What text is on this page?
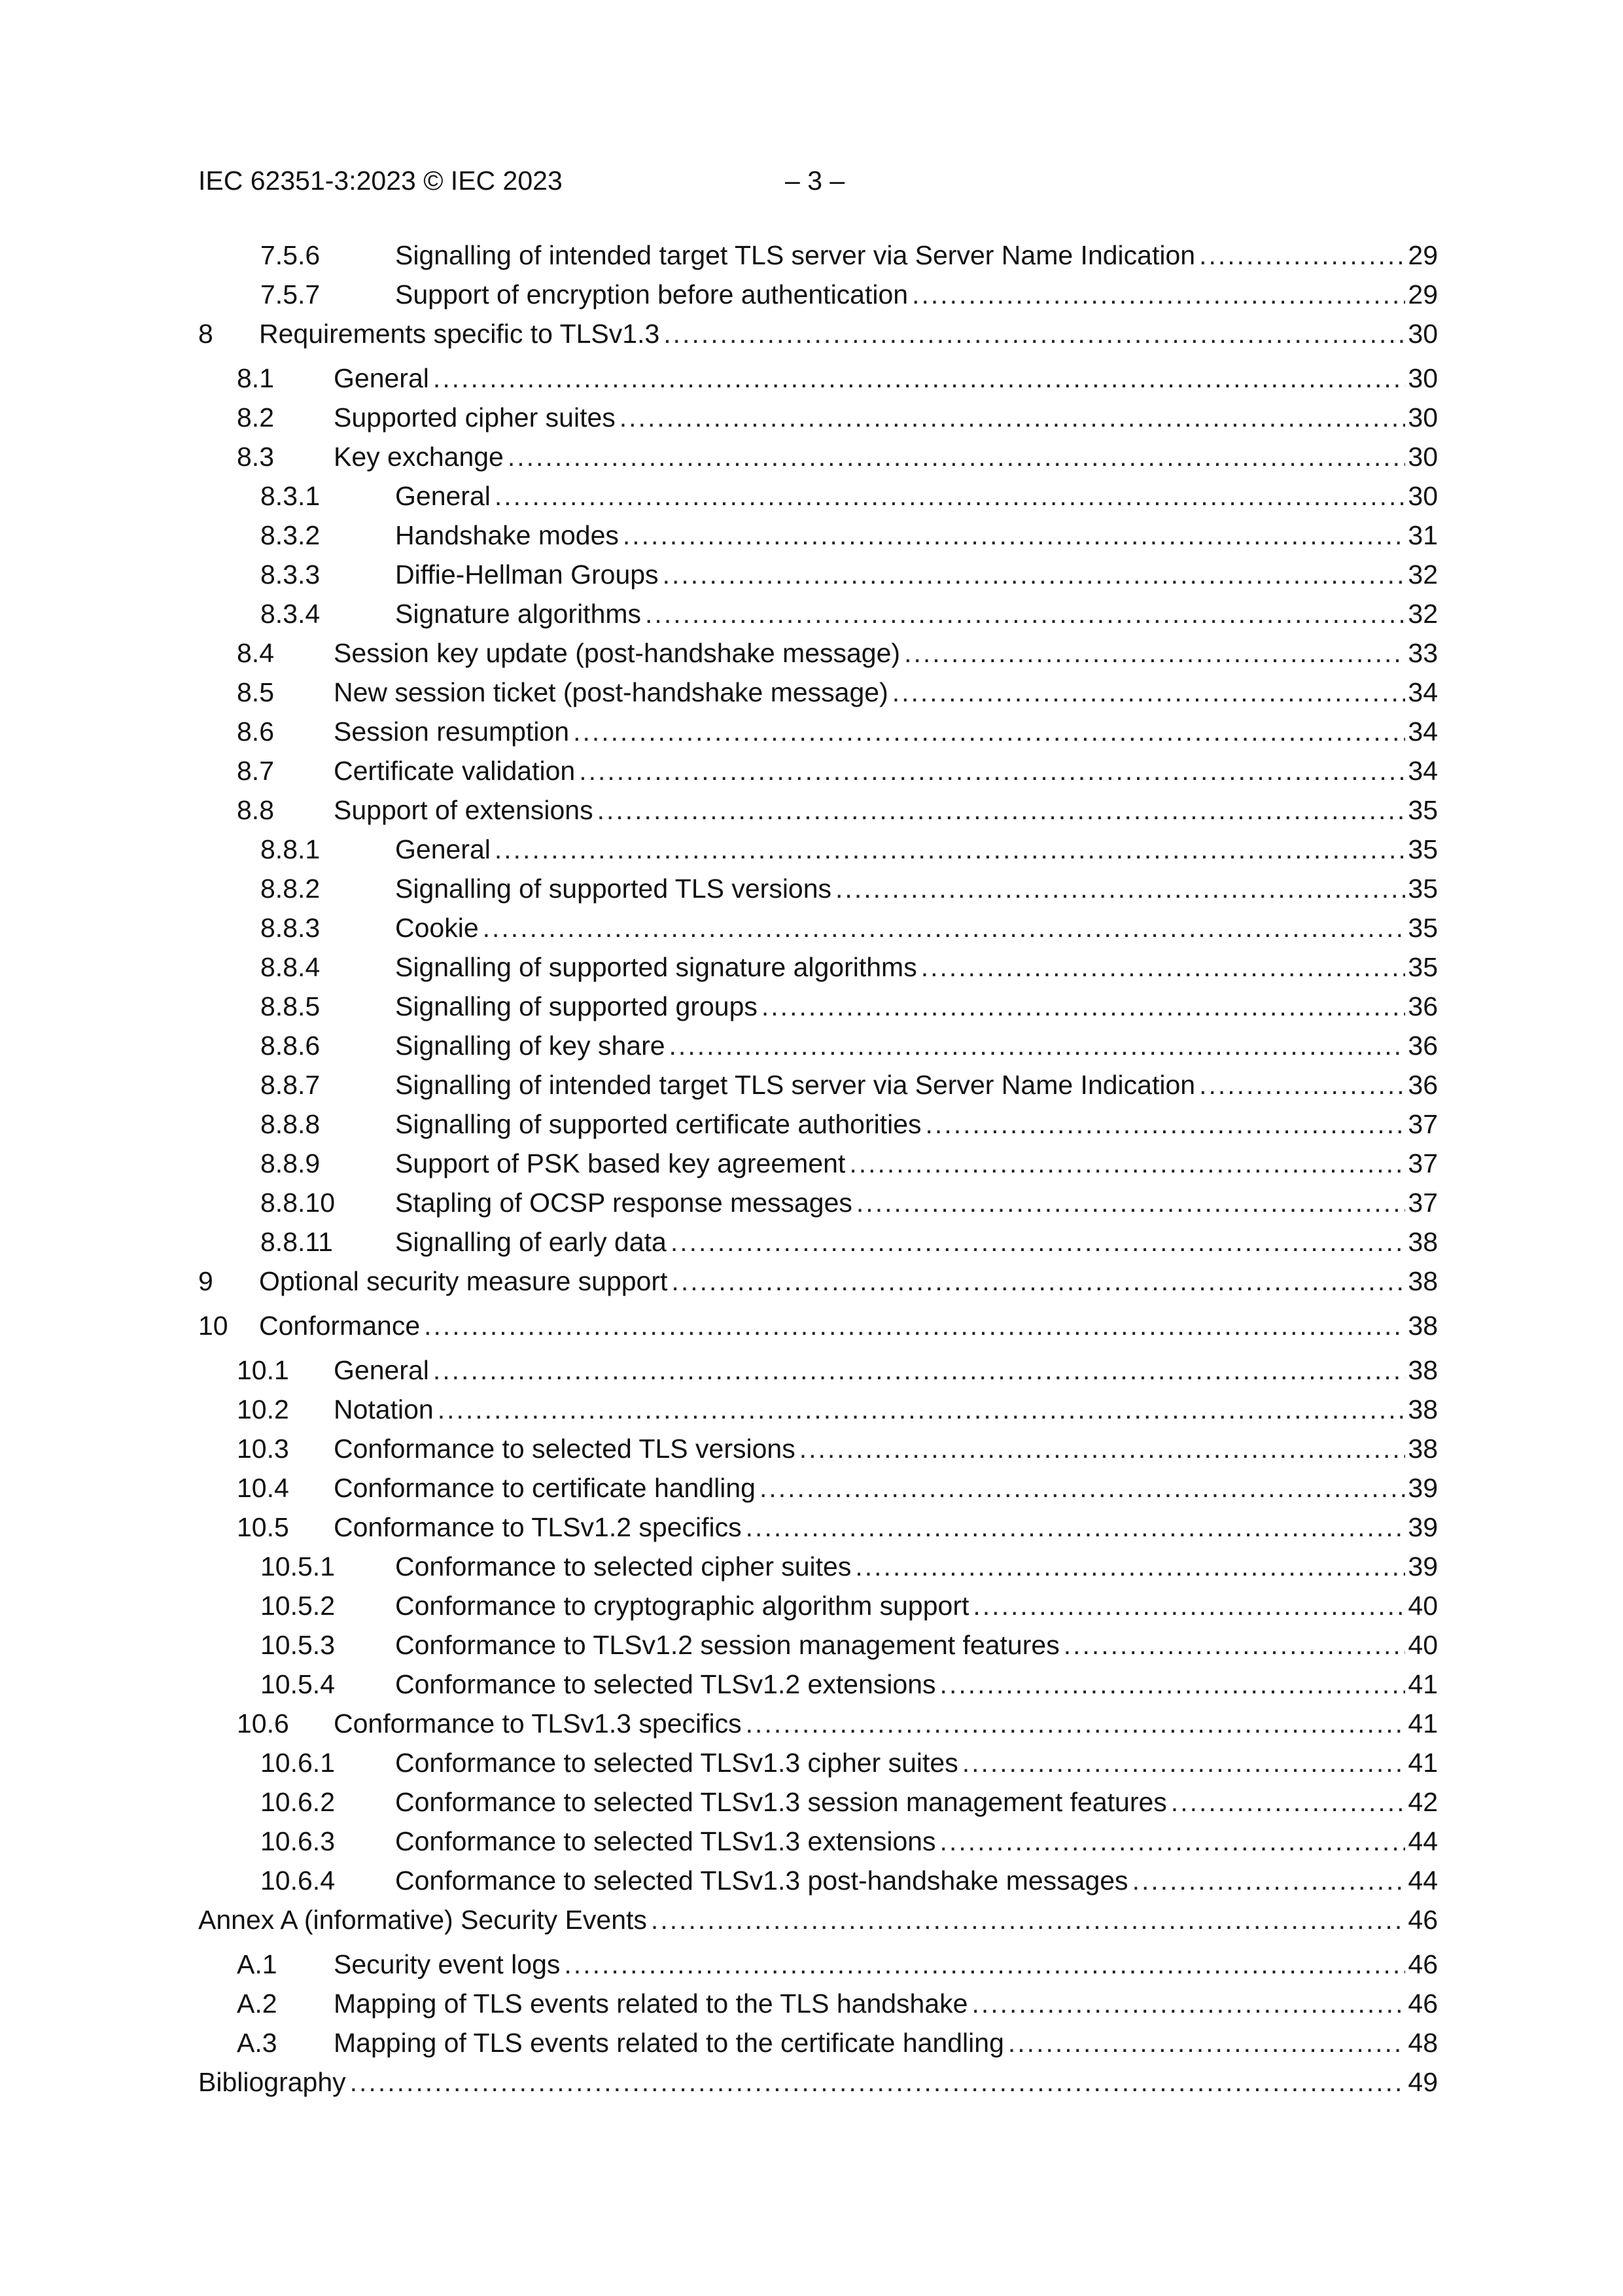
IEC 62351-3:2023 © IEC 2023	– 3 –
7.5.6	Signalling of intended target TLS server via Server Name Indication .....	29
7.5.7	Support of encryption before authentication .....	29
8 Requirements specific to TLSv1.3 .....	30
8.1 General .....	30
8.2 Supported cipher suites .....	30
8.3 Key exchange .....	30
8.3.1	General .....	30
8.3.2	Handshake modes .....	31
8.3.3	Diffie-Hellman Groups .....	32
8.3.4	Signature algorithms .....	32
8.4 Session key update (post-handshake message) .....	33
8.5 New session ticket (post-handshake message) .....	34
8.6 Session resumption .....	34
8.7 Certificate validation .....	34
8.8 Support of extensions .....	35
8.8.1	General .....	35
8.8.2	Signalling of supported TLS versions .....	35
8.8.3	Cookie .....	35
8.8.4	Signalling of supported signature algorithms .....	35
8.8.5	Signalling of supported groups .....	36
8.8.6	Signalling of key share .....	36
8.8.7	Signalling of intended target TLS server via Server Name Indication .....	36
8.8.8	Signalling of supported certificate authorities .....	37
8.8.9	Support of PSK based key agreement .....	37
8.8.10 Stapling of OCSP response messages .....	37
8.8.11 Signalling of early data .....	38
9 Optional security measure support .....	38
10 Conformance .....	38
10.1 General .....	38
10.2 Notation .....	38
10.3 Conformance to selected TLS versions .....	38
10.4 Conformance to certificate handling .....	39
10.5 Conformance to TLSv1.2 specifics .....	39
10.5.1 Conformance to selected cipher suites .....	39
10.5.2 Conformance to cryptographic algorithm support .....	40
10.5.3 Conformance to TLSv1.2 session management features .....	40
10.5.4 Conformance to selected TLSv1.2 extensions .....	41
10.6 Conformance to TLSv1.3 specifics .....	41
10.6.1 Conformance to selected TLSv1.3 cipher suites .....	41
10.6.2 Conformance to selected TLSv1.3 session management features .....	42
10.6.3 Conformance to selected TLSv1.3 extensions .....	44
10.6.4 Conformance to selected TLSv1.3 post-handshake messages .....	44
Annex A (informative) Security Events .....	46
A.1 Security event logs .....	46
A.2 Mapping of TLS events related to the TLS handshake .....	46
A.3 Mapping of TLS events related to the certificate handling .....	48
Bibliography .....	49
